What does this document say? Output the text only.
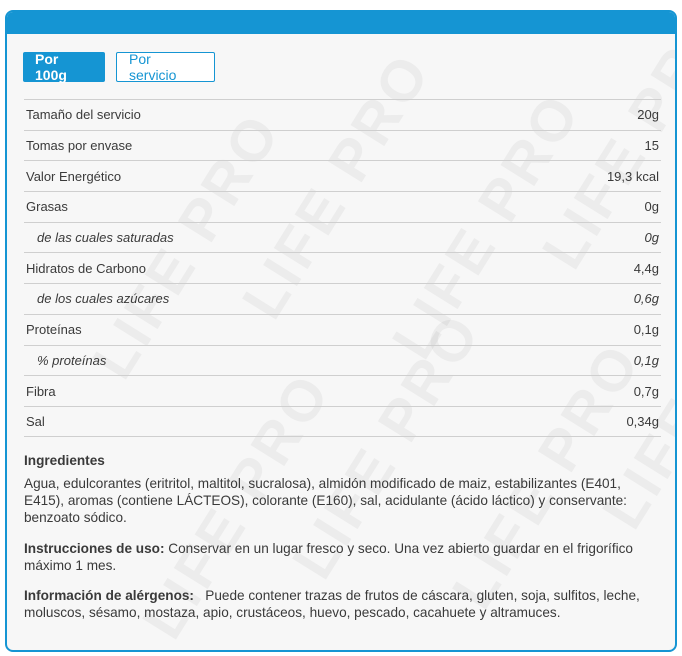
Por 100g
Por servicio
Tamaño del servicio	20g
Tomas por envase	15
Valor Energético	19,3 kcal
Grasas	0g
de las cuales saturadas	0g
Hidratos de Carbono	4,4g
de los cuales azúcares	0,6g
Proteínas	0,1g
% proteínas	0,1g
Fibra	0,7g
Sal	0,34g
Ingredientes
Agua, edulcorantes (eritritol, maltitol, sucralosa), almidón modificado de maiz, estabilizantes (E401, E415), aromas (contiene LÁCTEOS), colorante (E160), sal, acidulante (ácido láctico) y conservante: benzoato sódico.
Instrucciones de uso: Conservar en un lugar fresco y seco. Una vez abierto guardar en el frigorífico máximo 1 mes.
Información de alérgenos:   Puede contener trazas de frutos de cáscara, gluten, soja, sulfitos, leche, moluscos, sésamo, mostaza, apio, crustáceos, huevo, pescado, cacahuete y altramuces.
